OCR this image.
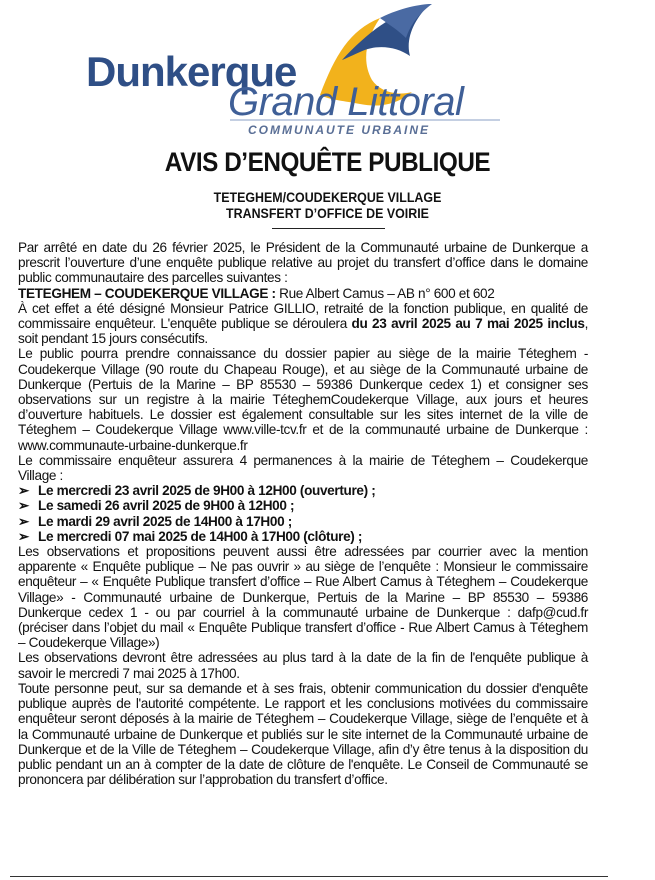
Dunkerque
Grand Littoral
COMMUNAUTE URBAINE
AVIS D’ENQUÊTE PUBLIQUE
TETEGHEM/COUDEKERQUE VILLAGE
TRANSFERT D’OFFICE DE VOIRIE

Par arrêté en date du 26 février 2025, le Président de la Communauté urbaine de Dunkerque a prescrit l’ouverture d’une enquête publique relative au projet du transfert d’office dans le domaine public communautaire des parcelles suivantes :

TETEGHEM – COUDEKERQUE VILLAGE : Rue Albert Camus – AB n° 600 et 602

À cet effet a été désigné Monsieur Patrice GILLIO, retraité de la fonction publique, en qualité de commissaire enquêteur. L'enquête publique se déroulera du 23 avril 2025 au 7 mai 2025 inclus, soit pendant 15 jours consécutifs.

Le public pourra prendre connaissance du dossier papier au siège de la mairie Téteghem - Coudekerque Village (90 route du Chapeau Rouge), et au siège de la Communauté urbaine de Dunkerque (Pertuis de la Marine – BP 85530 – 59386 Dunkerque cedex 1) et consigner ses observations sur un registre à la mairie TéteghemCoudekerque Village, aux jours et heures d’ouverture habituels. Le dossier est également consultable sur les sites internet de la ville de Téteghem – Coudekerque Village www.ville-tcv.fr et de la communauté urbaine de Dunkerque : www.communaute-urbaine-dunkerque.fr

Le commissaire enquêteur assurera 4 permanences à la mairie de Téteghem – Coudekerque Village :

➢ Le mercredi 23 avril 2025 de 9H00 à 12H00 (ouverture) ;

➢ Le samedi 26 avril 2025 de 9H00 à 12H00 ;

➢ Le mardi 29 avril 2025 de 14H00 à 17H00 ;

➢ Le mercredi 07 mai 2025 de 14H00 à 17H00 (clôture) ;

Les observations et propositions peuvent aussi être adressées par courrier avec la mention apparente « Enquête publique – Ne pas ouvrir » au siège de l’enquête : Monsieur le commissaire enquêteur – « Enquête Publique transfert d’office – Rue Albert Camus à Téteghem – Coudekerque Village» - Communauté urbaine de Dunkerque, Pertuis de la Marine – BP 85530 – 59386 Dunkerque cedex 1 - ou par courriel à la communauté urbaine de Dunkerque : dafp@cud.fr (préciser dans l’objet du mail « Enquête Publique transfert d’office - Rue Albert Camus à Téteghem – Coudekerque Village»)

Les observations devront être adressées au plus tard à la date de la fin de l'enquête publique à savoir le mercredi 7 mai 2025 à 17h00.

Toute personne peut, sur sa demande et à ses frais, obtenir communication du dossier d'enquête publique auprès de l'autorité compétente. Le rapport et les conclusions motivées du commissaire enquêteur seront déposés à la mairie de Téteghem – Coudekerque Village, siège de l’enquête et à la Communauté urbaine de Dunkerque et publiés sur le site internet de la Communauté urbaine de Dunkerque et de la Ville de Téteghem – Coudekerque Village, afin d’y être tenus à la disposition du public pendant un an à compter de la date de clôture de l'enquête. Le Conseil de Communauté se prononcera par délibération sur l’approbation du transfert d’office.
